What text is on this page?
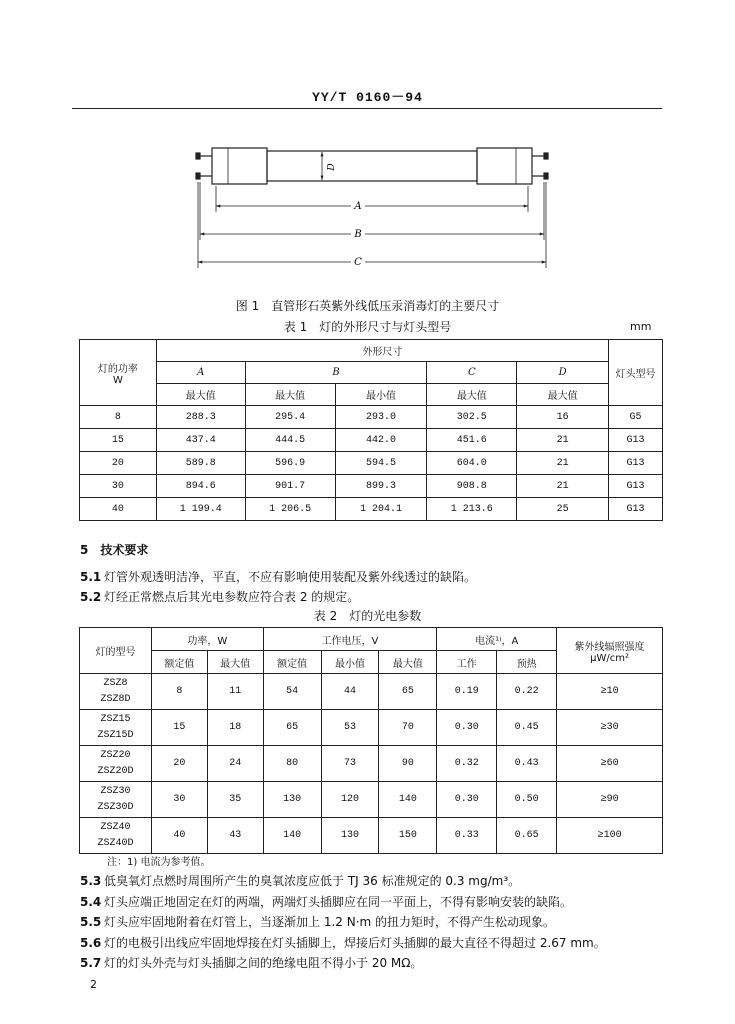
YY/T 0160－94
A
B
C
D
图 1　直管形石英紫外线低压汞消毒灯的主要尺寸
表 1　灯的外形尺寸与灯头型号	mm
灯的功率
W	外形尺寸					灯头型号
	A	B		C	D	
	最大值	最大值	最小值	最大值	最大值	
8	288.3	295.4	293.0	302.5	16	G5
15	437.4	444.5	442.0	451.6	21	G13
20	589.8	596.9	594.5	604.0	21	G13
30	894.6	901.7	899.3	908.8	21	G13
40	1 199.4	1 206.5	1 204.1	1 213.6	25	G13
5　技术要求
5.1 灯管外观透明洁净，平直，不应有影响使用装配及紫外线透过的缺陷。
5.2 灯经正常燃点后其光电参数应符合表 2 的规定。
表 2　灯的光电参数
灯的型号	功率，W		工作电压，V			电流¹⁾，A		紫外线辐照强度
μW/cm²

	额定值	最大值	额定值	最小值	最大值	工作	预热	

ZSZ8
ZSZ8D	8	11	54	44	65	0.19	0.22	≥10

ZSZ15
ZSZ15D	15	18	65	53	70	0.30	0.45	≥30

ZSZ20
ZSZ20D	20	24	80	73	90	0.32	0.43	≥60

ZSZ30
ZSZ30D	30	35	130	120	140	0.30	0.50	≥90

ZSZ40
ZSZ40D	40	43	140	130	150	0.33	0.65	≥100
注：1) 电流为参考值。
5.3 低臭氧灯点燃时周围所产生的臭氧浓度应低于 TJ 36 标准规定的 0.3 mg/m³。
5.4 灯头应端正地固定在灯的两端，两端灯头插脚应在同一平面上，不得有影响安装的缺陷。
5.5 灯头应牢固地附着在灯管上，当逐渐加上 1.2 N·m 的扭力矩时，不得产生松动现象。
5.6 灯的电极引出线应牢固地焊接在灯头插脚上，焊接后灯头插脚的最大直径不得超过 2.67 mm。
5.7 灯的灯头外壳与灯头插脚之间的绝缘电阻不得小于 20 MΩ。
2
